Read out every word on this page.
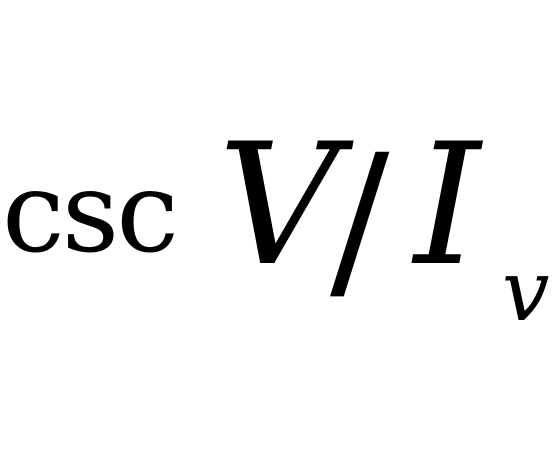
csc V
/ I v
